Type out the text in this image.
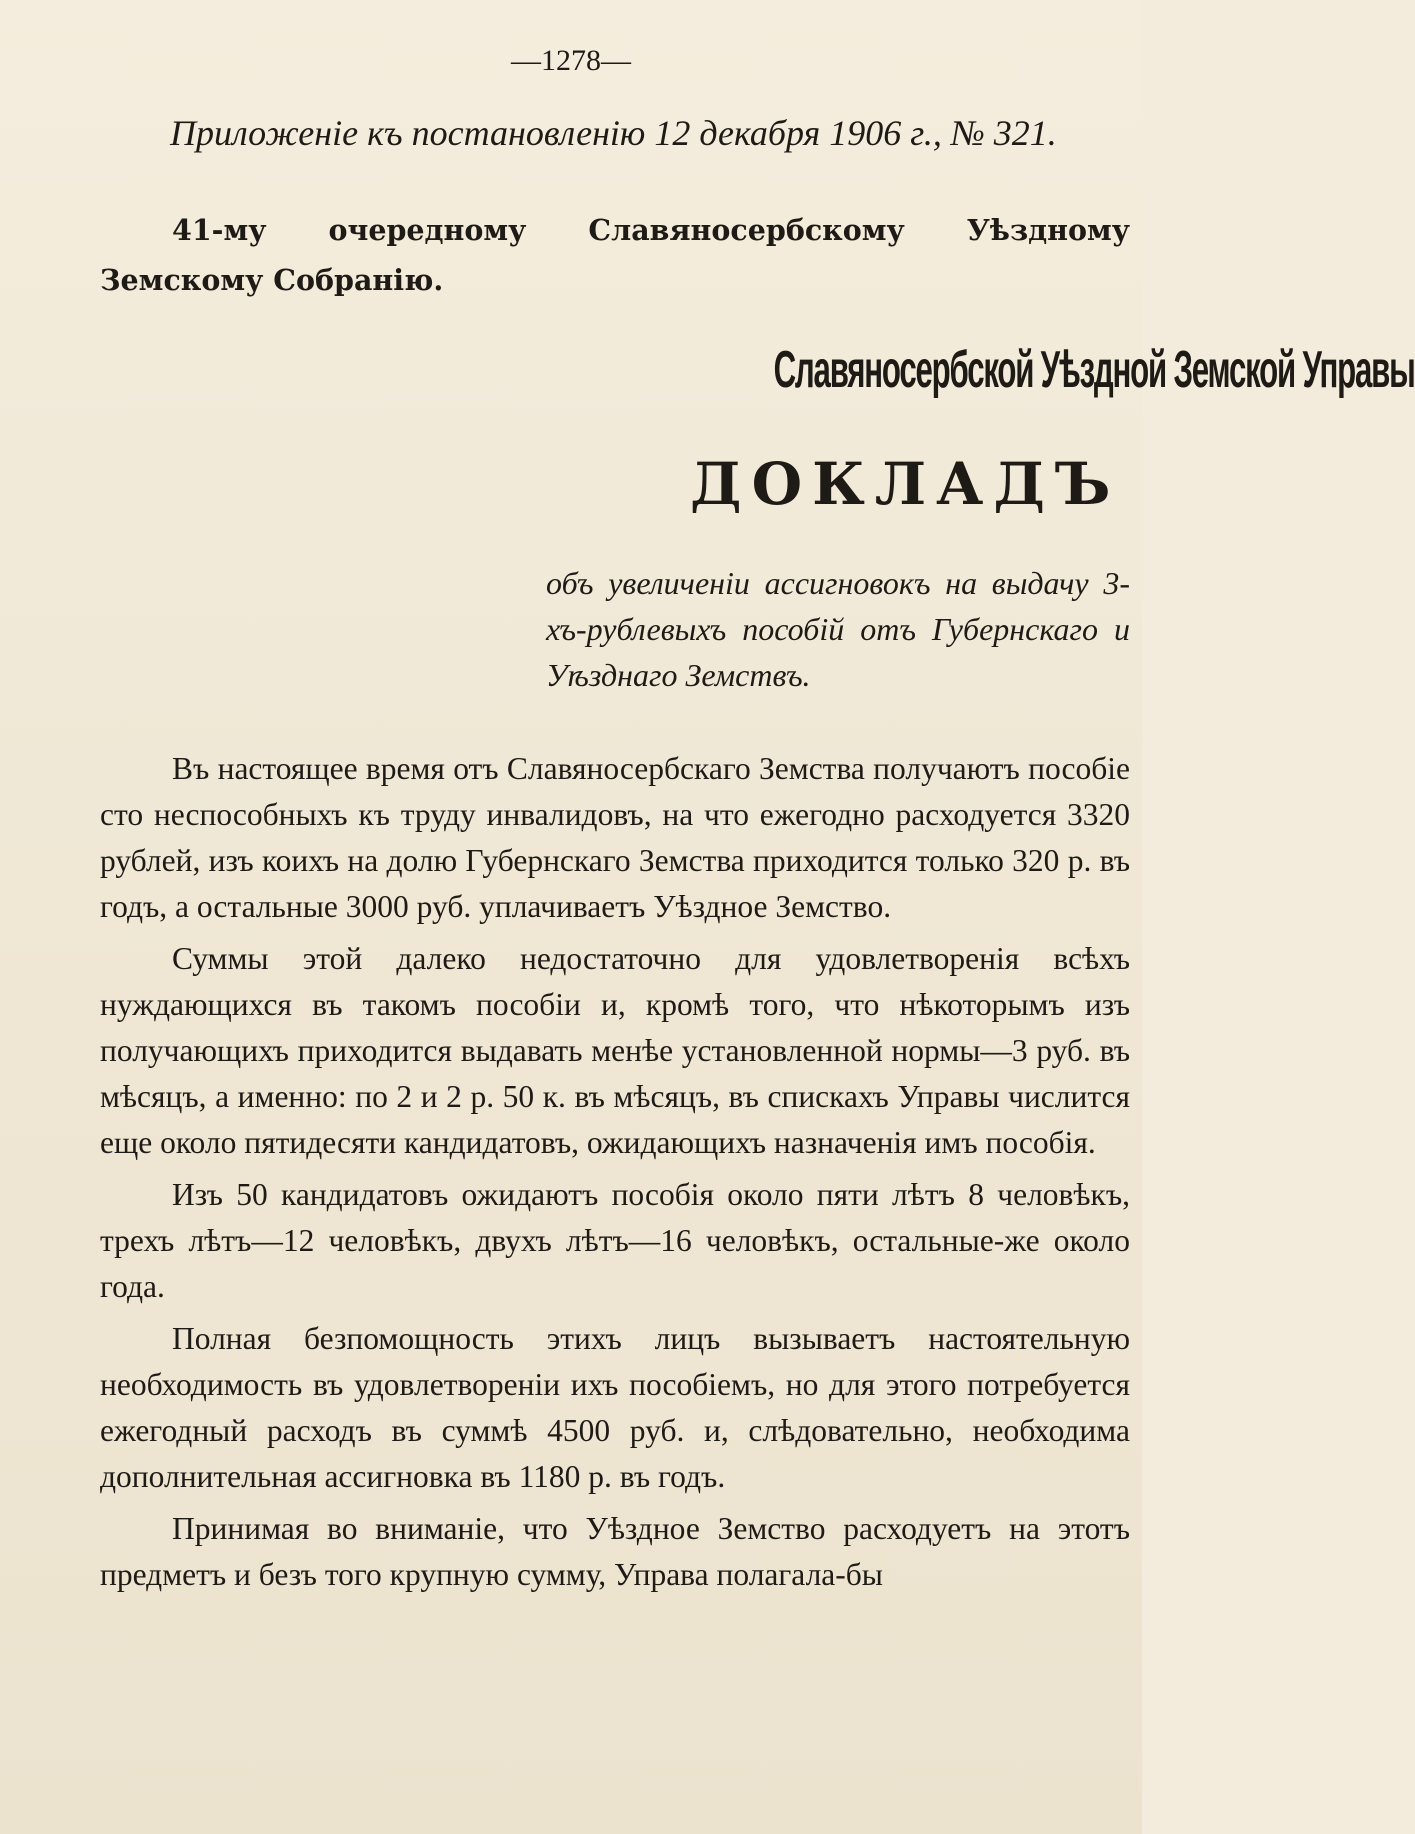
—1278—
Приложенiе къ постановленiю 12 декабря 1906 г., № 321.
41-му очередному Славяносербскому Уѣздному Земскому Собранiю.
Славяносербской Уѣздной Земской Управы
ДОКЛАДЪ
объ увеличенiи ассигновокъ на выдачу 3-хъ-рублевыхъ пособiй отъ Губернскаго и Уѣзднаго Земствъ.

Въ настоящее время отъ Славяносербскаго Земства получаютъ пособiе сто неспособныхъ къ труду инвалидовъ, на что ежегодно расходуется 3320 рублей, изъ коихъ на долю Губернскаго Земства приходится только 320 р. въ годъ, а остальные 3000 руб. уплачиваетъ Уѣздное Земство.

Суммы этой далеко недостаточно для удовлетворенiя всѣхъ нуждающихся въ такомъ пособiи и, кромѣ того, что нѣкоторымъ изъ получающихъ приходится выдавать менѣе установленной нормы—3 руб. въ мѣсяцъ, а именно: по 2 и 2 р. 50 к. въ мѣсяцъ, въ спискахъ Управы числится еще около пятидесяти кандидатовъ, ожидающихъ назначенiя имъ пособiя.

Изъ 50 кандидатовъ ожидаютъ пособiя около пяти лѣтъ 8 человѣкъ, трехъ лѣтъ—12 человѣкъ, двухъ лѣтъ—16 человѣкъ, остальные-же около года.

Полная безпомощность этихъ лицъ вызываетъ настоятельную необходимость въ удовлетворенiи ихъ пособiемъ, но для этого потребуется ежегодный расходъ въ суммѣ 4500 руб. и, слѣдовательно, необходима дополнительная ассигновка въ 1180 р. въ годъ.

Принимая во вниманiе, что Уѣздное Земство расходуетъ на этотъ предметъ и безъ того крупную сумму, Управа полагала-бы
